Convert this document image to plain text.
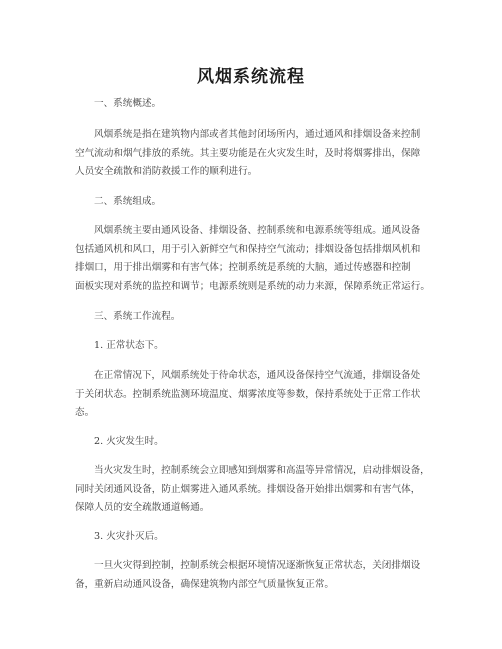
风烟系统流程
一、系统概述。
风烟系统是指在建筑物内部或者其他封闭场所内，通过通风和排烟设备来控制
空气流动和烟气排放的系统。其主要功能是在火灾发生时，及时将烟雾排出，保障
人员安全疏散和消防救援工作的顺利进行。
二、系统组成。
风烟系统主要由通风设备、排烟设备、控制系统和电源系统等组成。通风设备
包括通风机和风口，用于引入新鲜空气和保持空气流动；排烟设备包括排烟风机和
排烟口，用于排出烟雾和有害气体；控制系统是系统的大脑，通过传感器和控制
面板实现对系统的监控和调节；电源系统则是系统的动力来源，保障系统正常运行。
三、系统工作流程。
1. 正常状态下。
在正常情况下，风烟系统处于待命状态，通风设备保持空气流通，排烟设备处
于关闭状态。控制系统监测环境温度、烟雾浓度等参数，保持系统处于正常工作状
态。
2. 火灾发生时。
当火灾发生时，控制系统会立即感知到烟雾和高温等异常情况，启动排烟设备，
同时关闭通风设备，防止烟雾进入通风系统。排烟设备开始排出烟雾和有害气体，
保障人员的安全疏散通道畅通。
3. 火灾扑灭后。
一旦火灾得到控制，控制系统会根据环境情况逐渐恢复正常状态，关闭排烟设
备，重新启动通风设备，确保建筑物内部空气质量恢复正常。
